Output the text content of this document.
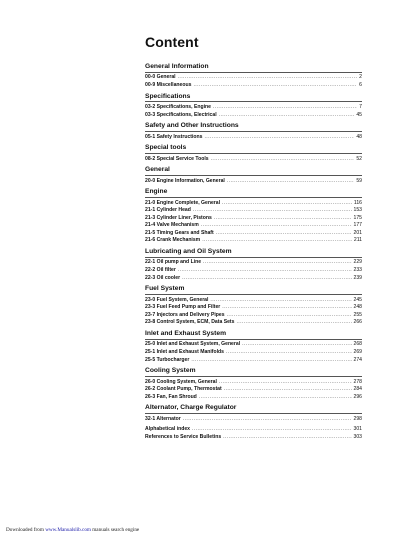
Content
General Information
00-0 General .....	2
00-9 Miscellaneous .....	6
Specifications
03-2 Specifications, Engine .....	7
03-3 Specifications, Electrical .....	45
Safety and Other Instructions
05-1 Safety Instructions .....	48
Special tools
08-2 Special Service Tools .....	52
General
20-0 Engine Information, General .....	59
Engine
21-0 Engine Complete, General .....	116
21-1 Cylinder Head .....	153
21-3 Cylinder Liner, Pistons .....	175
21-4 Valve Mechanism .....	177
21-5 Timing Gears and Shaft .....	201
21-6 Crank Mechanism .....	211
Lubricating and Oil System
22-1 Oil pump and Line .....	229
22-2 Oil filter .....	233
22-3 Oil cooler .....	239
Fuel System
23-0 Fuel System, General .....	245
23-3 Fuel Feed Pump and Filter .....	248
23-7 Injectors and Delivery Pipes .....	255
23-8 Control System, ECM, Data Sets .....	266
Inlet and Exhaust System
25-0 Inlet and Exhaust System, General .....	268
25-1 Inlet and Exhaust Manifolds .....	269
25-5 Turbocharger .....	274
Cooling System
26-0 Cooling System, General .....	278
26-2 Coolant Pump, Thermostat .....	284
26-3 Fan, Fan Shroud .....	296
Alternator, Charge Regulator
32-1 Alternator .....	298
Alphabetical index .....	301
References to Service Bulletins .....	303
Downloaded from www.Manualslib.com manuals search engine
